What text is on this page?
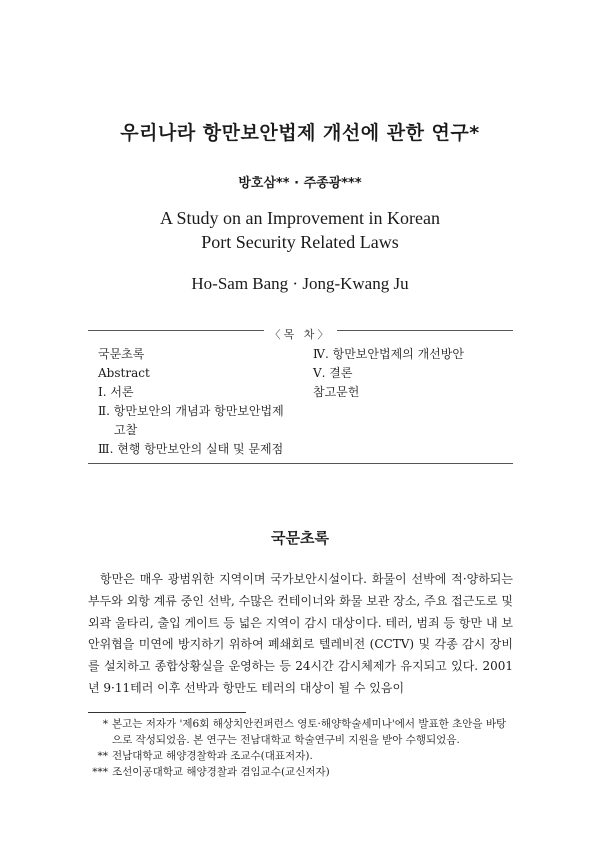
우리나라 항만보안법제 개선에 관한 연구*
방호삼** · 주종광***
A Study on an Improvement in Korean
Port Security Related Laws
Ho-Sam Bang · Jong-Kwang Ju
〈목 차〉
국문초록
Abstract
Ⅰ. 서론
Ⅱ. 항만보안의 개념과 항만보안법제
고찰
Ⅲ. 현행 항만보안의 실태 및 문제점
Ⅳ. 항만보안법제의 개선방안
Ⅴ. 결론
참고문헌
국문초록

항만은 매우 광범위한 지역이며 국가보안시설이다. 화물이 선박에 적·양하되는 부두와 외항 계류 중인 선박, 수많은 컨테이너와 화물 보관 장소, 주요 접근도로 및 외곽 울타리, 출입 게이트 등 넓은 지역이 감시 대상이다. 테러, 범죄 등 항만 내 보안위협을 미연에 방지하기 위하여 폐쇄회로 텔레비전 (CCTV) 및 각종 감시 장비를 설치하고 종합상황실을 운영하는 등 24시간 감시체제가 유지되고 있다. 2001년 9·11테러 이후 선박과 항만도 테러의 대상이 될 수 있음이

* 본고는 저자가 '제6회 해상치안컨퍼런스 영토·해양학술세미나'에서 발표한 초안을 바탕으로 작성되었음. 본 연구는 전남대학교 학술연구비 지원을 받아 수행되었음.
** 전남대학교 해양경찰학과 조교수(대표저자).
*** 조선이공대학교 해양경찰과 겸임교수(교신저자)
